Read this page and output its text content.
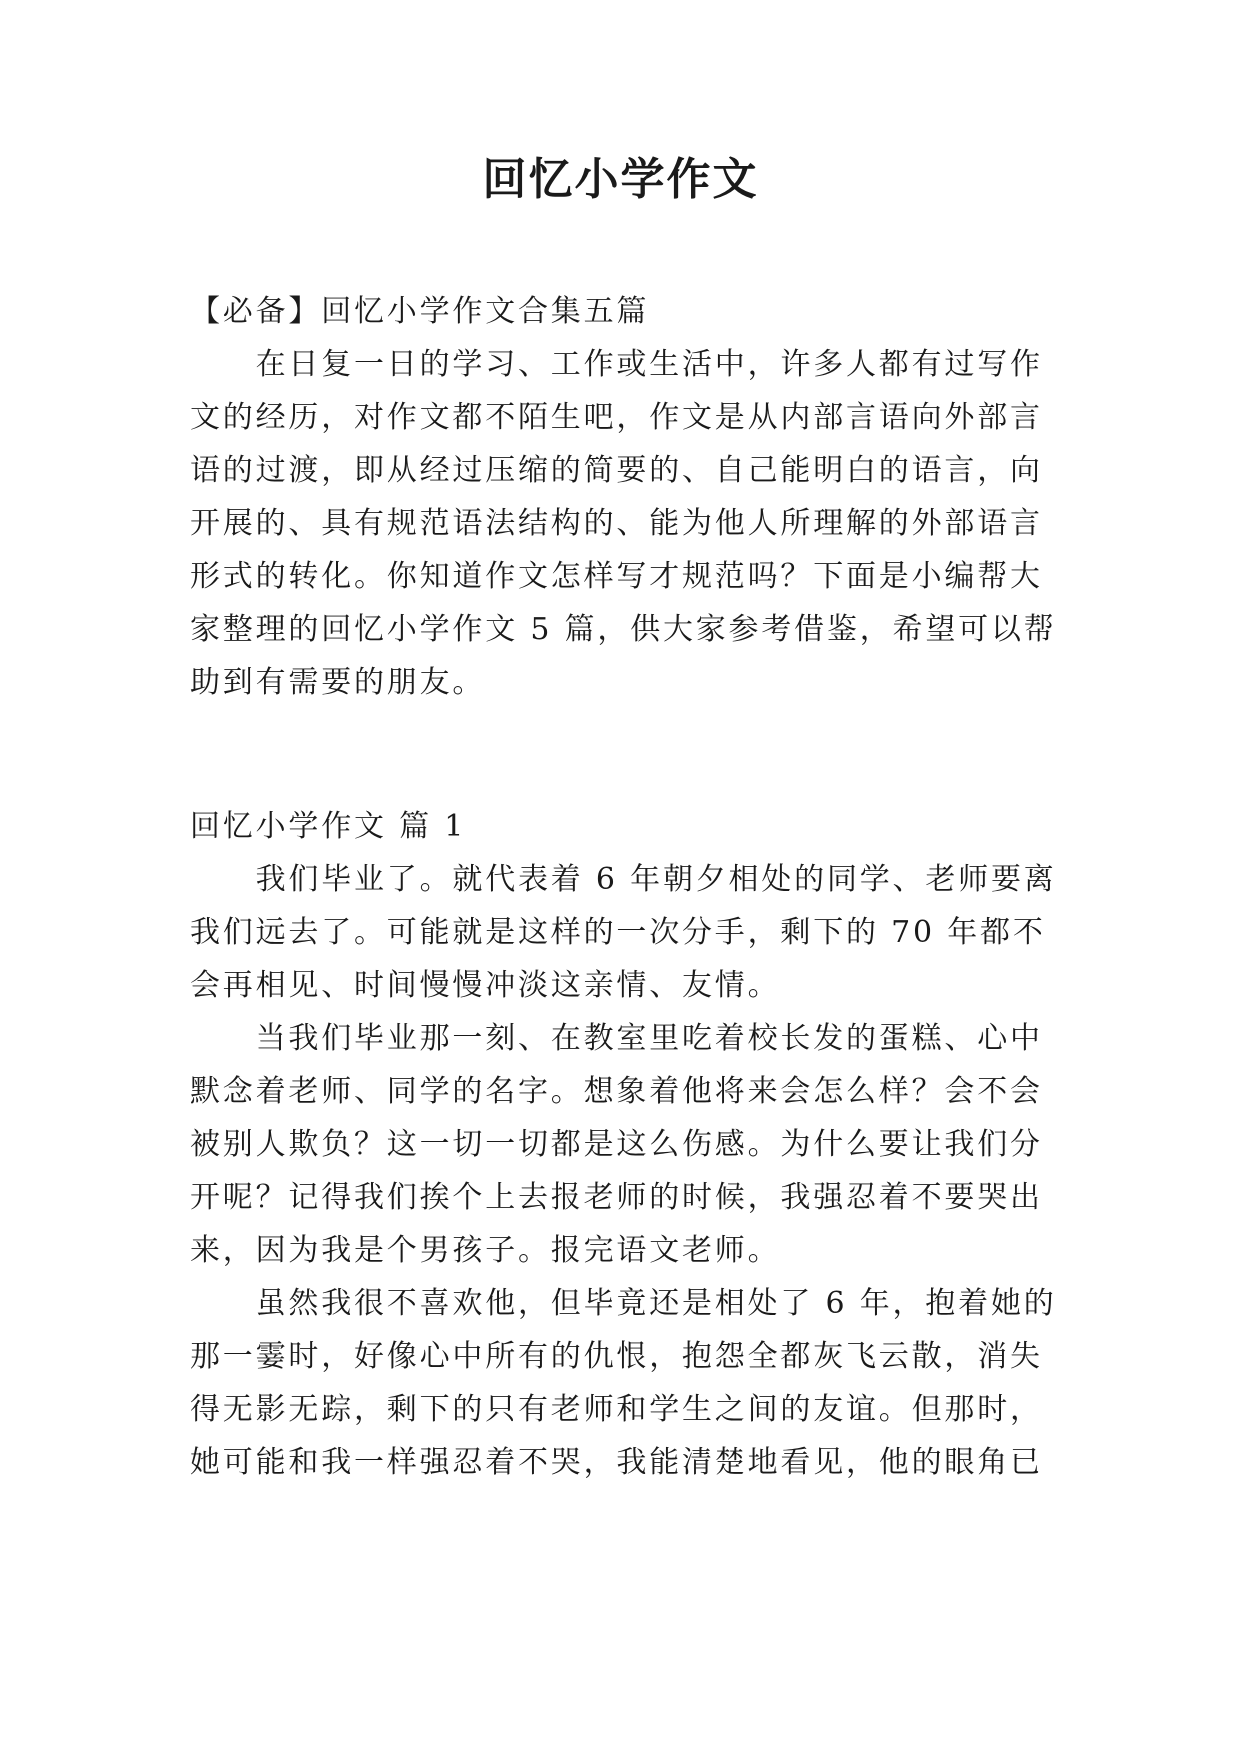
回忆小学作文
【必备】回忆小学作文合集五篇
　　在日复一日的学习、工作或生活中，许多人都有过写作
文的经历，对作文都不陌生吧，作文是从内部言语向外部言
语的过渡，即从经过压缩的简要的、自己能明白的语言，向
开展的、具有规范语法结构的、能为他人所理解的外部语言
形式的转化。你知道作文怎样写才规范吗？下面是小编帮大
家整理的回忆小学作文 5 篇，供大家参考借鉴，希望可以帮
助到有需要的朋友。
回忆小学作文 篇 1
　　我们毕业了。就代表着 6 年朝夕相处的同学、老师要离
我们远去了。可能就是这样的一次分手，剩下的 70 年都不
会再相见、时间慢慢冲淡这亲情、友情。
　　当我们毕业那一刻、在教室里吃着校长发的蛋糕、心中
默念着老师、同学的名字。想象着他将来会怎么样？会不会
被别人欺负？这一切一切都是这么伤感。为什么要让我们分
开呢？记得我们挨个上去报老师的时候，我强忍着不要哭出
来，因为我是个男孩子。报完语文老师。
　　虽然我很不喜欢他，但毕竟还是相处了 6 年，抱着她的
那一霎时，好像心中所有的仇恨，抱怨全都灰飞云散，消失
得无影无踪，剩下的只有老师和学生之间的友谊。但那时，
她可能和我一样强忍着不哭，我能清楚地看见，他的眼角已
